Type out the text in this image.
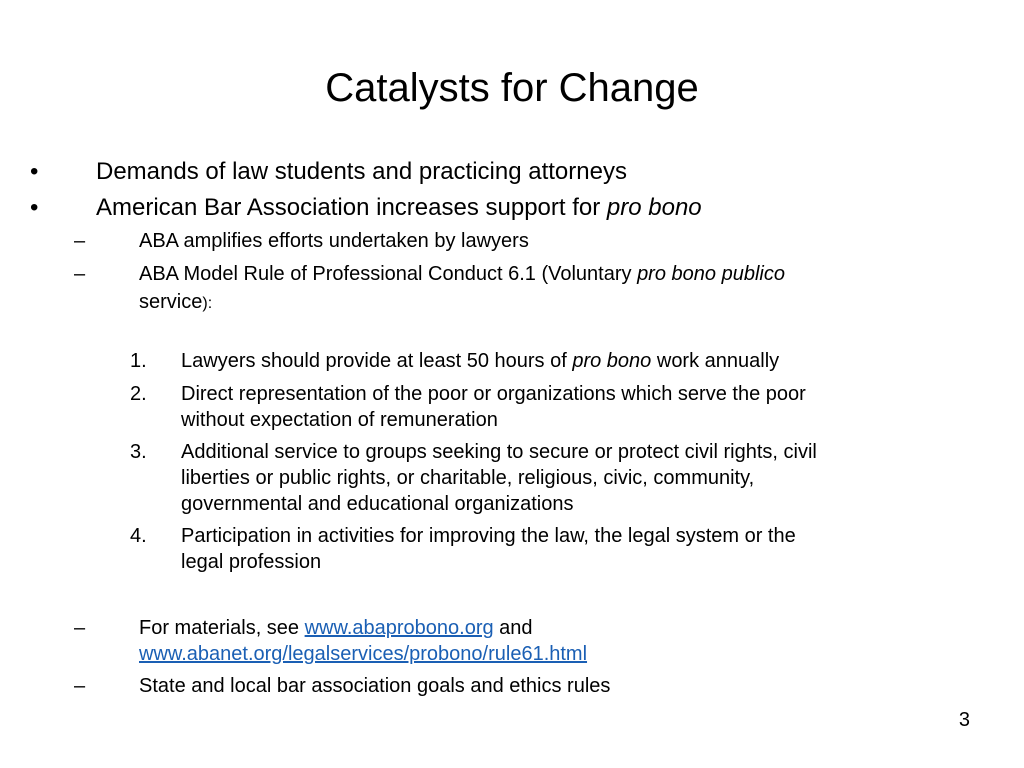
Catalysts for Change
• Demands of law students and practicing attorneys
• American Bar Association increases support for pro bono
–	ABA amplifies efforts undertaken by lawyers
–	ABA Model Rule of Professional Conduct 6.1 (Voluntary pro bono publico
service):
1. Lawyers should provide at least 50 hours of pro bono work annually
2. Direct representation of the poor or organizations which serve the poor
without expectation of remuneration
3. Additional service to groups seeking to secure or protect civil rights, civil
liberties or public rights, or charitable, religious, civic, community,
governmental and educational organizations
4. Participation in activities for improving the law, the legal system or the
legal profession
–	For materials, see www.abaprobono.org and
www.abanet.org/legalservices/probono/rule61.html
–	State and local bar association goals and ethics rules
3
